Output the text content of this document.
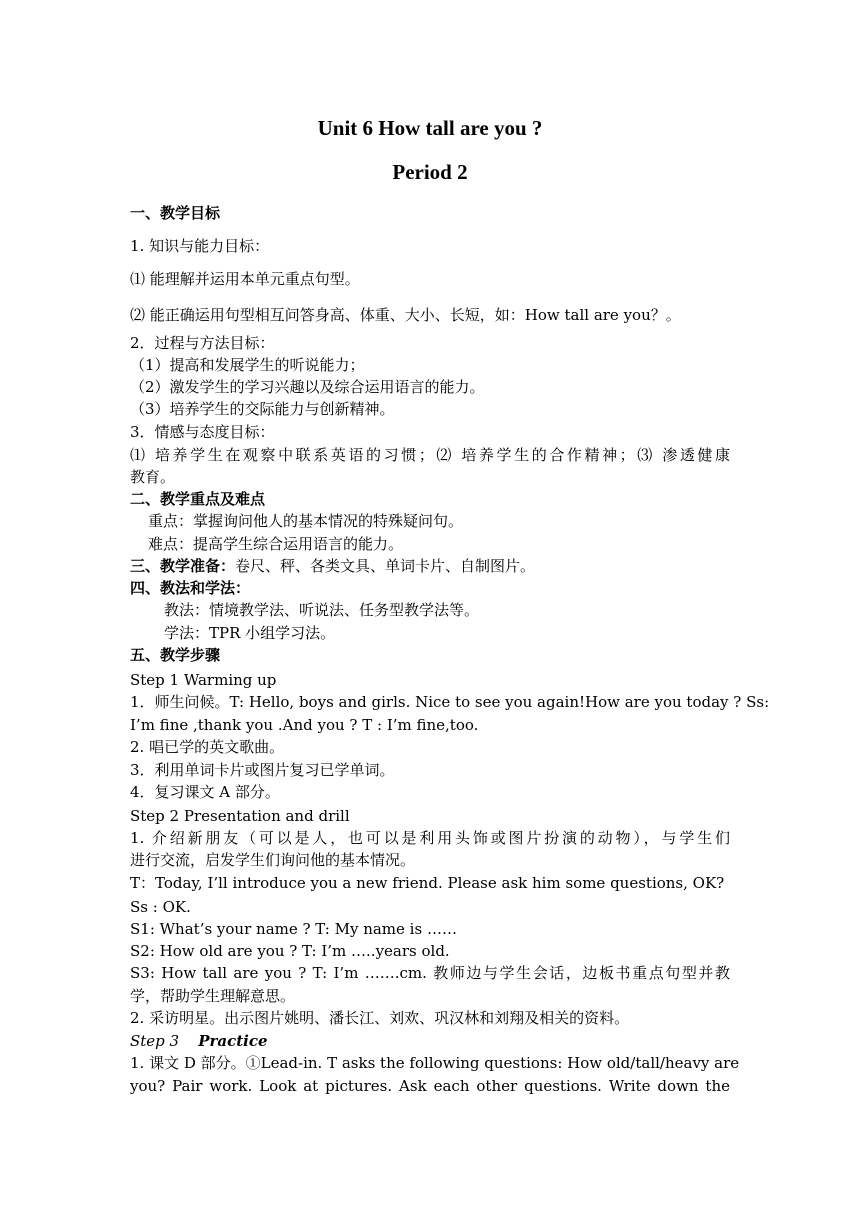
Unit 6 How tall are you ?
Period 2
一、教学目标
1. 知识与能力目标：
⑴ 能理解并运用本单元重点句型。
⑵ 能正确运用句型相互问答身高、体重、大小、长短，如：How tall are you？。
2．过程与方法目标：
（1）提高和发展学生的听说能力；
（2）激发学生的学习兴趣以及综合运用语言的能力。
（3）培养学生的交际能力与创新精神。
3．情感与态度目标：
⑴ 培养学生在观察中联系英语的习惯；⑵ 培养学生的合作精神；⑶ 渗透健康
教育。
二、教学重点及难点
重点：掌握询问他人的基本情况的特殊疑问句。
难点：提高学生综合运用语言的能力。
三、教学准备：卷尺、秤、各类文具、单词卡片、自制图片。
四、教法和学法：
教法：情境教学法、听说法、任务型教学法等。
学法：TPR 小组学习法。
五、教学步骤
Step 1 Warming up
1．师生问候。T: Hello, boys and girls. Nice to see you again!How are you today ? Ss:
I’m fine ,thank you .And you ? T : I’m fine,too.
2. 唱已学的英文歌曲。
3．利用单词卡片或图片复习已学单词。
4．复习课文 A 部分。
Step 2 Presentation and drill
1. 介绍新朋友（可以是人，也可以是利用头饰或图片扮演的动物），与学生们
进行交流，启发学生们询问他的基本情况。
T：Today, I’ll introduce you a new friend. Please ask him some questions, OK?
Ss : OK.
S1: What’s your name ? T: My name is ……
S2: How old are you ? T: I’m …..years old.
S3: How tall are you ? T: I’m …….cm. 教师边与学生会话，边板书重点句型并教
学，帮助学生理解意思。
2. 采访明星。出示图片姚明、潘长江、刘欢、巩汉林和刘翔及相关的资料。
Step 3 Practice
1. 课文 D 部分。①Lead-in. T asks the following questions: How old/tall/heavy are
you? Pair work. Look at pictures. Ask each other questions. Write down the
